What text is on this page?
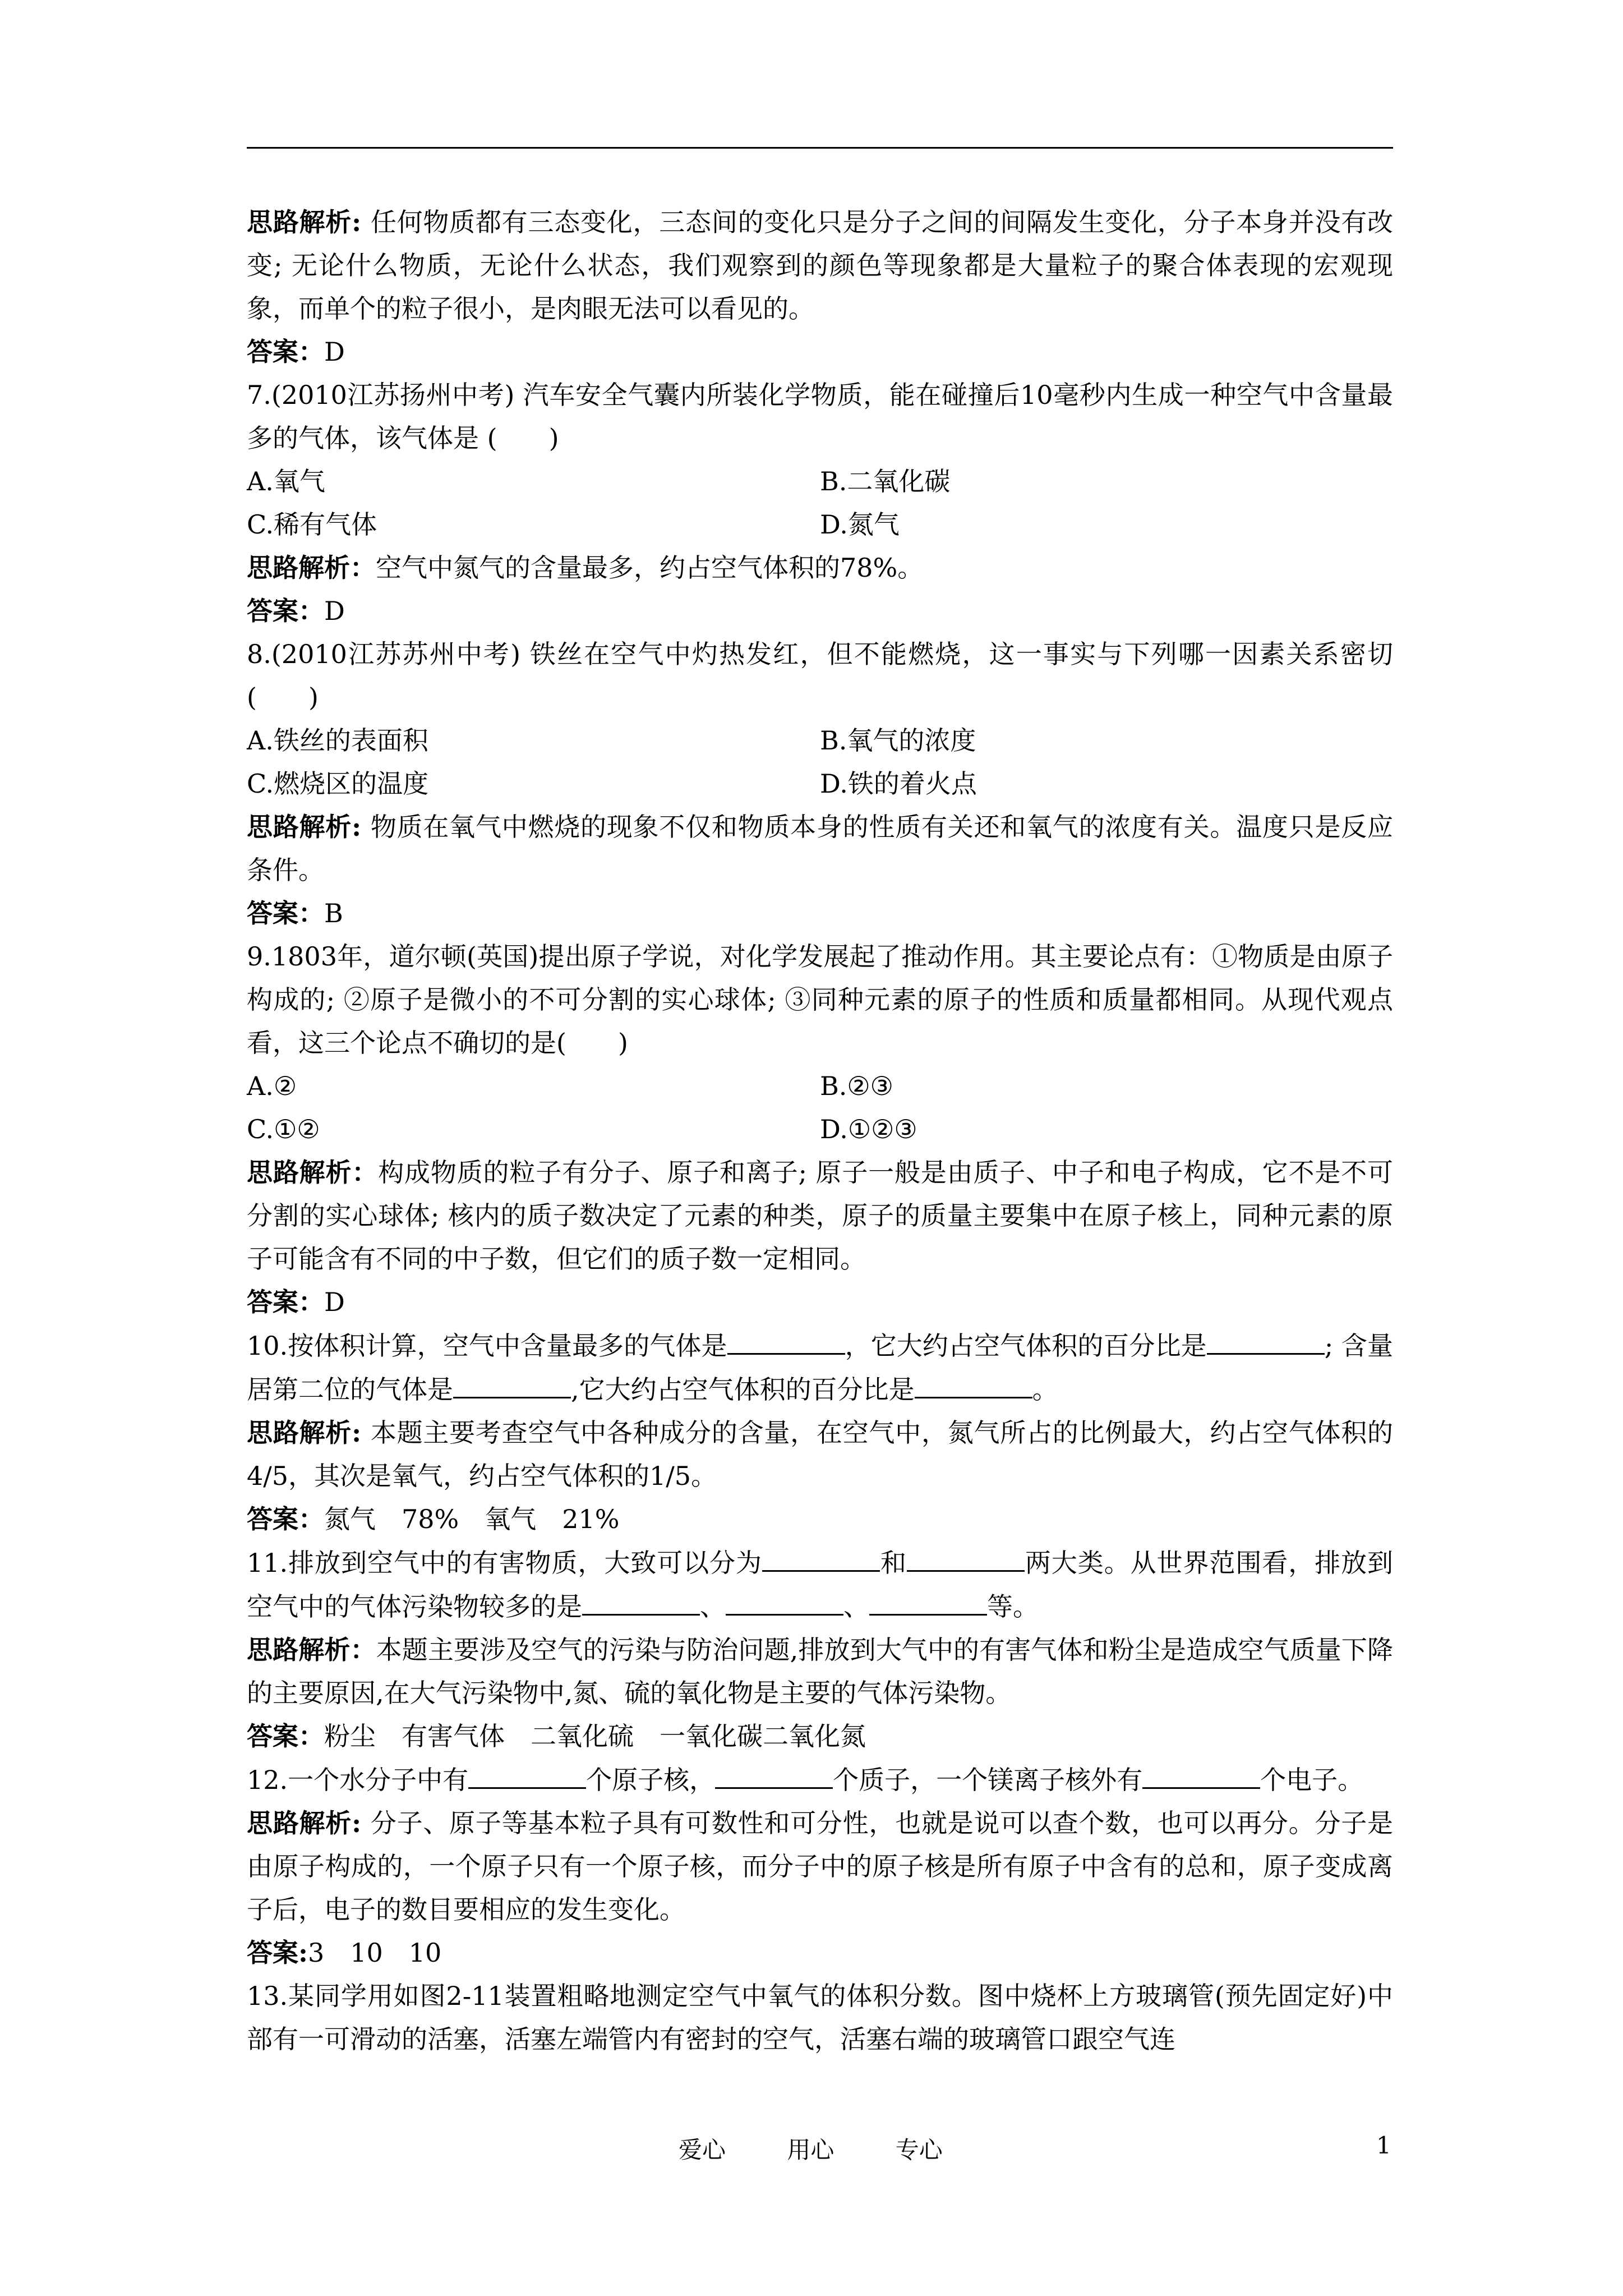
思路解析: 任何物质都有三态变化，三态间的变化只是分子之间的间隔发生变化，分子本身并没有改变; 无论什么物质，无论什么状态，我们观察到的颜色等现象都是大量粒子的聚合体表现的宏观现象，而单个的粒子很小，是肉眼无法可以看见的。

答案：D

7.(2010江苏扬州中考) 汽车安全气囊内所装化学物质，能在碰撞后10毫秒内生成一种空气中含量最多的气体，该气体是 (　　)

A.氧气	B.二氧化碳
C.稀有气体	D.氮气

思路解析：空气中氮气的含量最多，约占空气体积的78%。

答案：D

8.(2010江苏苏州中考) 铁丝在空气中灼热发红，但不能燃烧，这一事实与下列哪一因素关系密切(　　)

A.铁丝的表面积	B.氧气的浓度
C.燃烧区的温度	D.铁的着火点

思路解析: 物质在氧气中燃烧的现象不仅和物质本身的性质有关还和氧气的浓度有关。温度只是反应条件。

答案：B

9.1803年，道尔顿(英国)提出原子学说，对化学发展起了推动作用。其主要论点有：①物质是由原子构成的; ②原子是微小的不可分割的实心球体; ③同种元素的原子的性质和质量都相同。从现代观点看，这三个论点不确切的是(　　)

A.②	B.②③
C.①②	D.①②③

思路解析：构成物质的粒子有分子、原子和离子; 原子一般是由质子、中子和电子构成，它不是不可分割的实心球体; 核内的质子数决定了元素的种类，原子的质量主要集中在原子核上，同种元素的原子可能含有不同的中子数，但它们的质子数一定相同。

答案：D

10.按体积计算，空气中含量最多的气体是	，它大约占空气体积的百分比是	; 含量居第二位的气体是	,它大约占空气体积的百分比是	。

思路解析: 本题主要考查空气中各种成分的含量，在空气中，氮气所占的比例最大，约占空气体积的4/5，其次是氧气，约占空气体积的1/5。

答案：氮气　78%　氧气　21%

11.排放到空气中的有害物质，大致可以分为	和	两大类。从世界范围看，排放到空气中的气体污染物较多的是	、	、	等。

思路解析：本题主要涉及空气的污染与防治问题,排放到大气中的有害气体和粉尘是造成空气质量下降的主要原因,在大气污染物中,氮、硫的氧化物是主要的气体污染物。

答案：粉尘　有害气体　二氧化硫　一氧化碳二氧化氮

12.一个水分子中有	个原子核，	个质子，一个镁离子核外有	个电子。

思路解析: 分子、原子等基本粒子具有可数性和可分性，也就是说可以查个数，也可以再分。分子是由原子构成的，一个原子只有一个原子核，而分子中的原子核是所有原子中含有的总和，原子变成离子后，电子的数目要相应的发生变化。

答案:3　10　10

13.某同学用如图2-11装置粗略地测定空气中氧气的体积分数。图中烧杯上方玻璃管(预先固定好)中部有一可滑动的活塞，活塞左端管内有密封的空气，活塞右端的玻璃管口跟空气连

爱心	用心	专心	1
